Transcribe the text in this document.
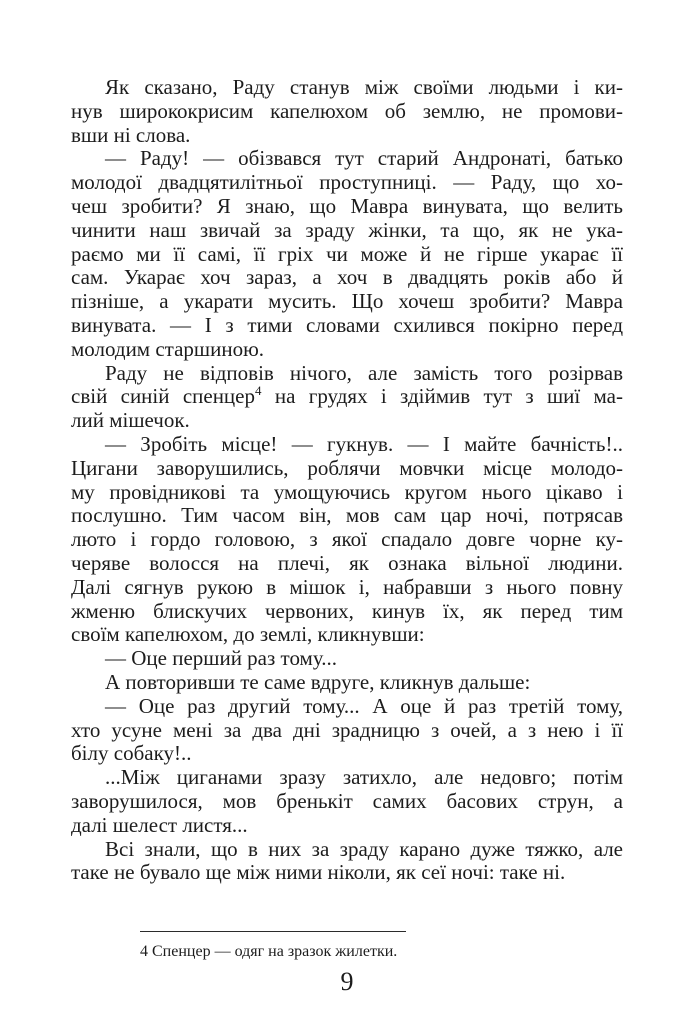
Як сказано, Раду станув між своїми людьми і ки-
нув ширококрисим капелюхом об землю, не промови-
вши ні слова.
— Раду! — обізвався тут старий Андронаті, батько
молодої двадцятилітньої проступниці. — Раду, що хо-
чеш зробити? Я знаю, що Мавра винувата, що велить
чинити наш звичай за зраду жінки, та що, як не ука-
раємо ми її самі, її гріх чи може й не гірше укарає її
сам. Укарає хоч зараз, а хоч в двадцять років або й
пізніше, а укарати мусить. Що хочеш зробити? Мавра
винувата. — І з тими словами схилився покірно перед
молодим старшиною.
Раду не відповів нічого, але замість того розірвав
свій синій спенцер$^4$ на грудях і здіймив тут з шиї ма-
лий мішечок.
— Зробіть місце! — гукнув. — І майте бачність!..
Цигани заворушились, роблячи мовчки місце молодо-
му провідникові та умощуючись кругом нього цікаво і
послушно. Тим часом він, мов сам цар ночі, потрясав
люто і гордо головою, з якої спадало довге чорне ку-
черяве волосся на плечі, як ознака вільної людини.
Далі сягнув рукою в мішок і, набравши з нього повну
жменю блискучих червоних, кинув їх, як перед тим
своїм капелюхом, до землі, кликнувши:
— Оце перший раз тому...
А повторивши те саме вдруге, кликнув дальше:
— Оце раз другий тому... А оце й раз третій тому,
хто усуне мені за два дні зрадницю з очей, а з нею і її
білу собаку!..
...Між циганами зразу затихло, але недовго; потім
заворушилося, мов бренькіт самих басових струн, а
далі шелест листя...
Всі знали, що в них за зраду карано дуже тяжко, але
таке не бувало ще між ними ніколи, як сеї ночі: таке ні.
4 Спенцер — одяг на зразок жилетки.
9
